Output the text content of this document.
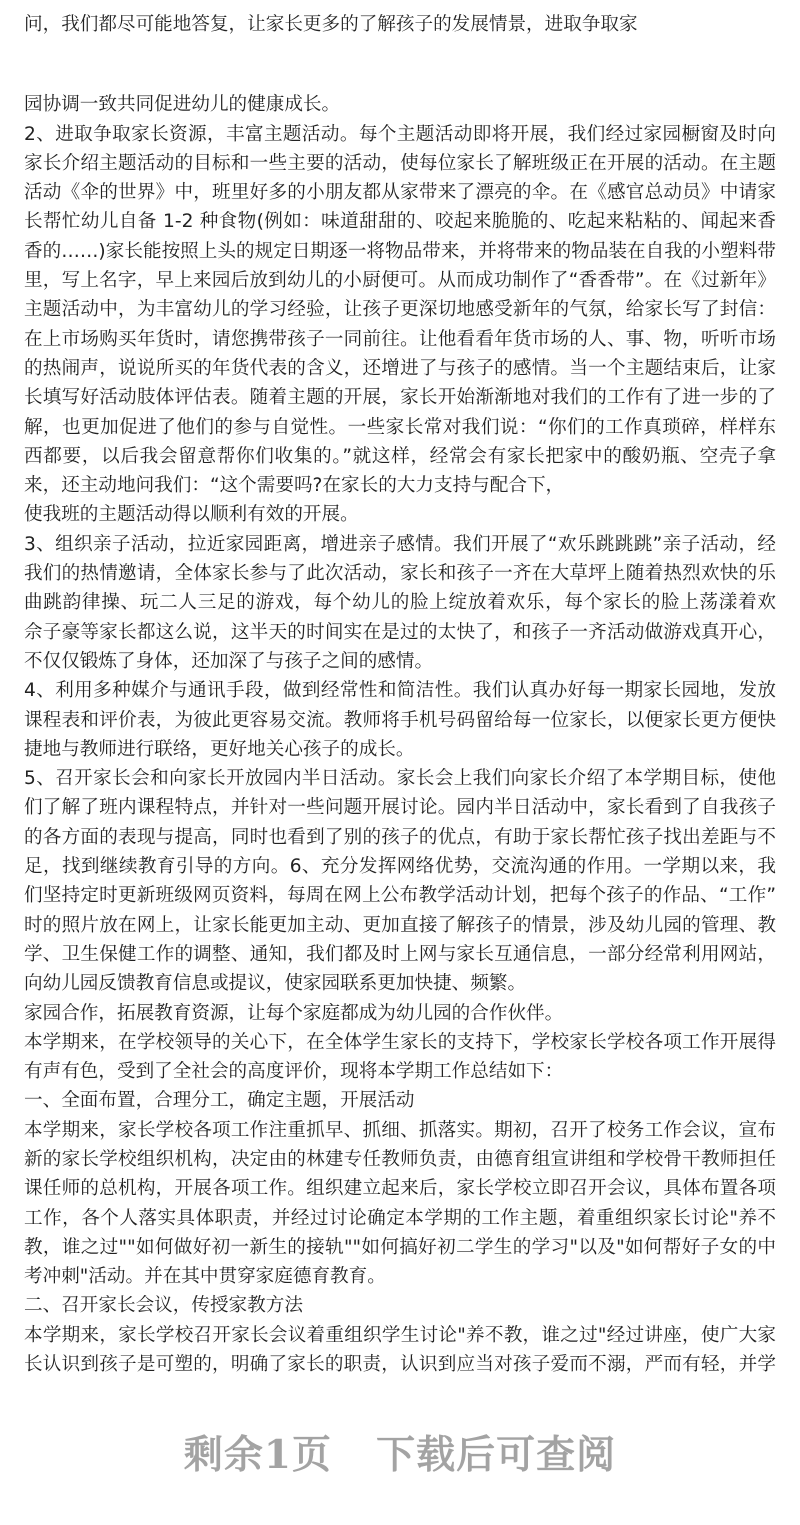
问，我们都尽可能地答复，让家长更多的了解孩子的发展情景，进取争取家
园协调一致共同促进幼儿的健康成长。
2、进取争取家长资源，丰富主题活动。每个主题活动即将开展，我们经过家园橱窗及时向
家长介绍主题活动的目标和一些主要的活动，使每位家长了解班级正在开展的活动。在主题
活动《伞的世界》中，班里好多的小朋友都从家带来了漂亮的伞。在《感官总动员》中请家
长帮忙幼儿自备 1-2 种食物(例如：味道甜甜的、咬起来脆脆的、吃起来粘粘的、闻起来香
香的……)家长能按照上头的规定日期逐一将物品带来，并将带来的物品装在自我的小塑料带
里，写上名字，早上来园后放到幼儿的小厨便可。从而成功制作了“香香带”。在《过新年》
主题活动中，为丰富幼儿的学习经验，让孩子更深切地感受新年的气氛，给家长写了封信：
在上市场购买年货时，请您携带孩子一同前往。让他看看年货市场的人、事、物，听听市场
的热闹声，说说所买的年货代表的含义，还增进了与孩子的感情。当一个主题结束后，让家
长填写好活动肢体评估表。随着主题的开展，家长开始渐渐地对我们的工作有了进一步的了
解，也更加促进了他们的参与自觉性。一些家长常对我们说：“你们的工作真琐碎，样样东
西都要，以后我会留意帮你们收集的。”就这样，经常会有家长把家中的酸奶瓶、空壳子拿
来，还主动地问我们：“这个需要吗?在家长的大力支持与配合下，
使我班的主题活动得以顺利有效的开展。
3、组织亲子活动，拉近家园距离，增进亲子感情。我们开展了“欢乐跳跳跳”亲子活动，经
我们的热情邀请，全体家长参与了此次活动，家长和孩子一齐在大草坪上随着热烈欢快的乐
曲跳韵律操、玩二人三足的游戏，每个幼儿的脸上绽放着欢乐，每个家长的脸上荡漾着欢
佘子豪等家长都这么说，这半天的时间实在是过的太快了，和孩子一齐活动做游戏真开心，
不仅仅锻炼了身体，还加深了与孩子之间的感情。
4、利用多种媒介与通讯手段，做到经常性和简洁性。我们认真办好每一期家长园地，发放
课程表和评价表，为彼此更容易交流。教师将手机号码留给每一位家长，以便家长更方便快
捷地与教师进行联络，更好地关心孩子的成长。
5、召开家长会和向家长开放园内半日活动。家长会上我们向家长介绍了本学期目标，使他
们了解了班内课程特点，并针对一些问题开展讨论。园内半日活动中，家长看到了自我孩子
的各方面的表现与提高，同时也看到了别的孩子的优点，有助于家长帮忙孩子找出差距与不
足，找到继续教育引导的方向。6、充分发挥网络优势，交流沟通的作用。一学期以来，我
们坚持定时更新班级网页资料，每周在网上公布教学活动计划，把每个孩子的作品、“工作”
时的照片放在网上，让家长能更加主动、更加直接了解孩子的情景，涉及幼儿园的管理、教
学、卫生保健工作的调整、通知，我们都及时上网与家长互通信息，一部分经常利用网站，
向幼儿园反馈教育信息或提议，使家园联系更加快捷、频繁。
家园合作，拓展教育资源，让每个家庭都成为幼儿园的合作伙伴。
本学期来，在学校领导的关心下，在全体学生家长的支持下，学校家长学校各项工作开展得
有声有色，受到了全社会的高度评价，现将本学期工作总结如下：
一、全面布置，合理分工，确定主题，开展活动
本学期来，家长学校各项工作注重抓早、抓细、抓落实。期初，召开了校务工作会议，宣布
新的家长学校组织机构，决定由的林建专任教师负责，由德育组宣讲组和学校骨干教师担任
课任师的总机构，开展各项工作。组织建立起来后，家长学校立即召开会议，具体布置各项
工作，各个人落实具体职责，并经过讨论确定本学期的工作主题，着重组织家长讨论"养不
教，谁之过""如何做好初一新生的接轨""如何搞好初二学生的学习"以及"如何帮好子女的中
考冲刺"活动。并在其中贯穿家庭德育教育。
二、召开家长会议，传授家教方法
本学期来，家长学校召开家长会议着重组织学生讨论"养不教，谁之过"经过讲座，使广大家
长认识到孩子是可塑的，明确了家长的职责，认识到应当对孩子爱而不溺，严而有轻，并学
剩余1页 下载后可查阅
